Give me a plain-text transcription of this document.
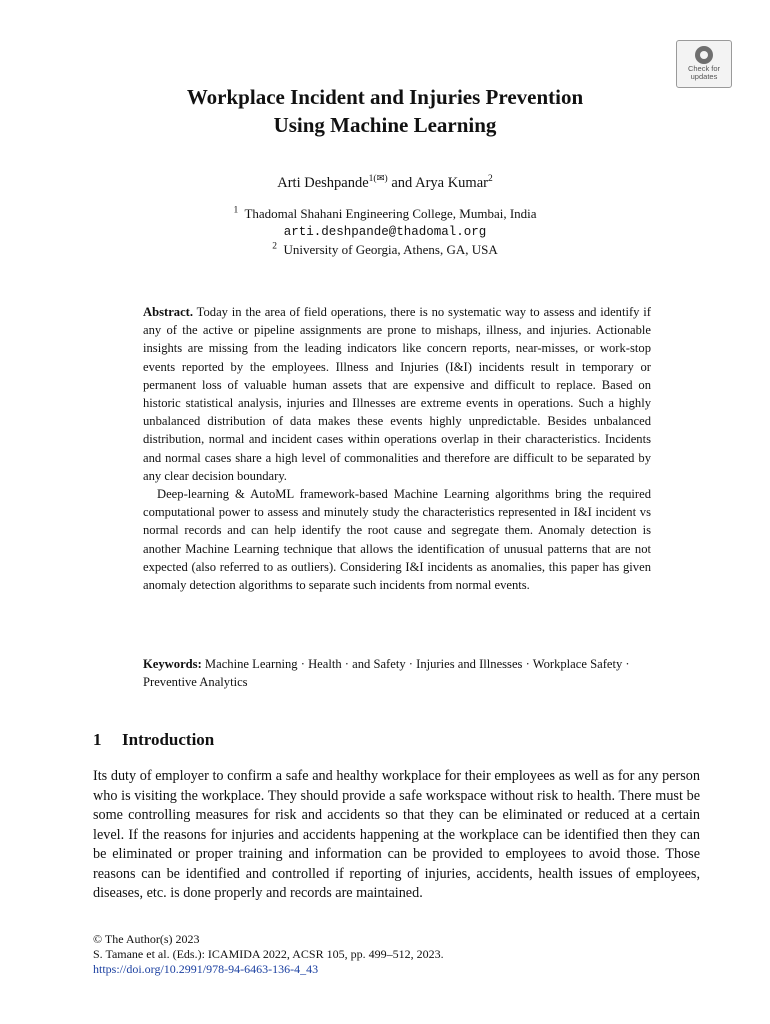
Check for
updates
Workplace Incident and Injuries Prevention
Using Machine Learning
Arti Deshpande$^{1(✉)}$ and Arya Kumar$^2$
$^1$ Thadomal Shahani Engineering College, Mumbai, India
arti.deshpande@thadomal.org
$^2$ University of Georgia, Athens, GA, USA

Abstract. Today in the area of field operations, there is no systematic way to assess and identify if any of the active or pipeline assignments are prone to mishaps, illness, and injuries. Actionable insights are missing from the leading indicators like concern reports, near-misses, or work-stop events reported by the employees. Illness and Injuries (I&I) incidents result in temporary or permanent loss of valuable human assets that are expensive and difficult to replace. Based on historic statistical analysis, injuries and Illnesses are extreme events in operations. Such a highly unbalanced distribution of data makes these events highly unpredictable. Besides unbalanced distribution, normal and incident cases within operations overlap in their characteristics. Incidents and normal cases share a high level of commonalities and therefore are difficult to be separated by any clear decision boundary.

Deep-learning & AutoML framework-based Machine Learning algorithms bring the required computational power to assess and minutely study the characteristics represented in I&I incident vs normal records and can help identify the root cause and segregate them. Anomaly detection is another Machine Learning technique that allows the identification of unusual patterns that are not expected (also referred to as outliers). Considering I&I incidents as anomalies, this paper has given anomaly detection algorithms to separate such incidents from normal events.

Keywords: Machine Learning · Health · and Safety · Injuries and Illnesses · Workplace Safety · Preventive Analytics
1 Introduction

Its duty of employer to confirm a safe and healthy workplace for their employees as well as for any person who is visiting the workplace. They should provide a safe workspace without risk to health. There must be some controlling measures for risk and accidents so that they can be eliminated or reduced at a certain level. If the reasons for injuries and accidents happening at the workplace can be identified then they can be eliminated or proper training and information can be provided to employees to avoid those. Those reasons can be identified and controlled if reporting of injuries, accidents, health issues of employees, diseases, etc. is done properly and records are maintained.

© The Author(s) 2023
S. Tamane et al. (Eds.): ICAMIDA 2022, ACSR 105, pp. 499–512, 2023.
https://doi.org/10.2991/978-94-6463-136-4_43
